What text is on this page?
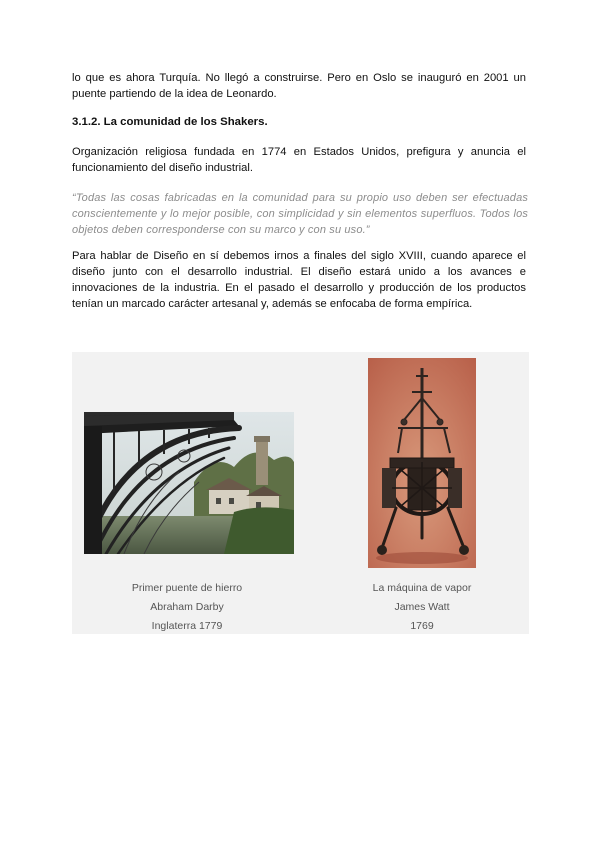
lo que es ahora Turquía. No llegó a construirse. Pero en Oslo se inauguró en 2001 un puente partiendo de la idea de Leonardo.

3.1.2. La comunidad de los Shakers.

Organización religiosa fundada en 1774 en Estados Unidos, prefigura y anuncia el funcionamiento del diseño industrial.

“Todas las cosas fabricadas en la comunidad para su propio uso deben ser efectuadas conscientemente y lo mejor posible, con simplicidad y sin elementos superfluos. Todos los objetos deben corresponderse con su marco y con su uso.”

Para hablar de Diseño en sí debemos irnos a finales del siglo XVIII, cuando aparece el diseño junto con el desarrollo industrial. El diseño estará unido a los avances e innovaciones de la industria. En el pasado el desarrollo y producción de los productos tenían un marcado carácter artesanal y, además se enfocaba de forma empírica.

Primer puente de hierro
Abraham Darby
Inglaterra 1779
La máquina de vapor
James Watt
1769
